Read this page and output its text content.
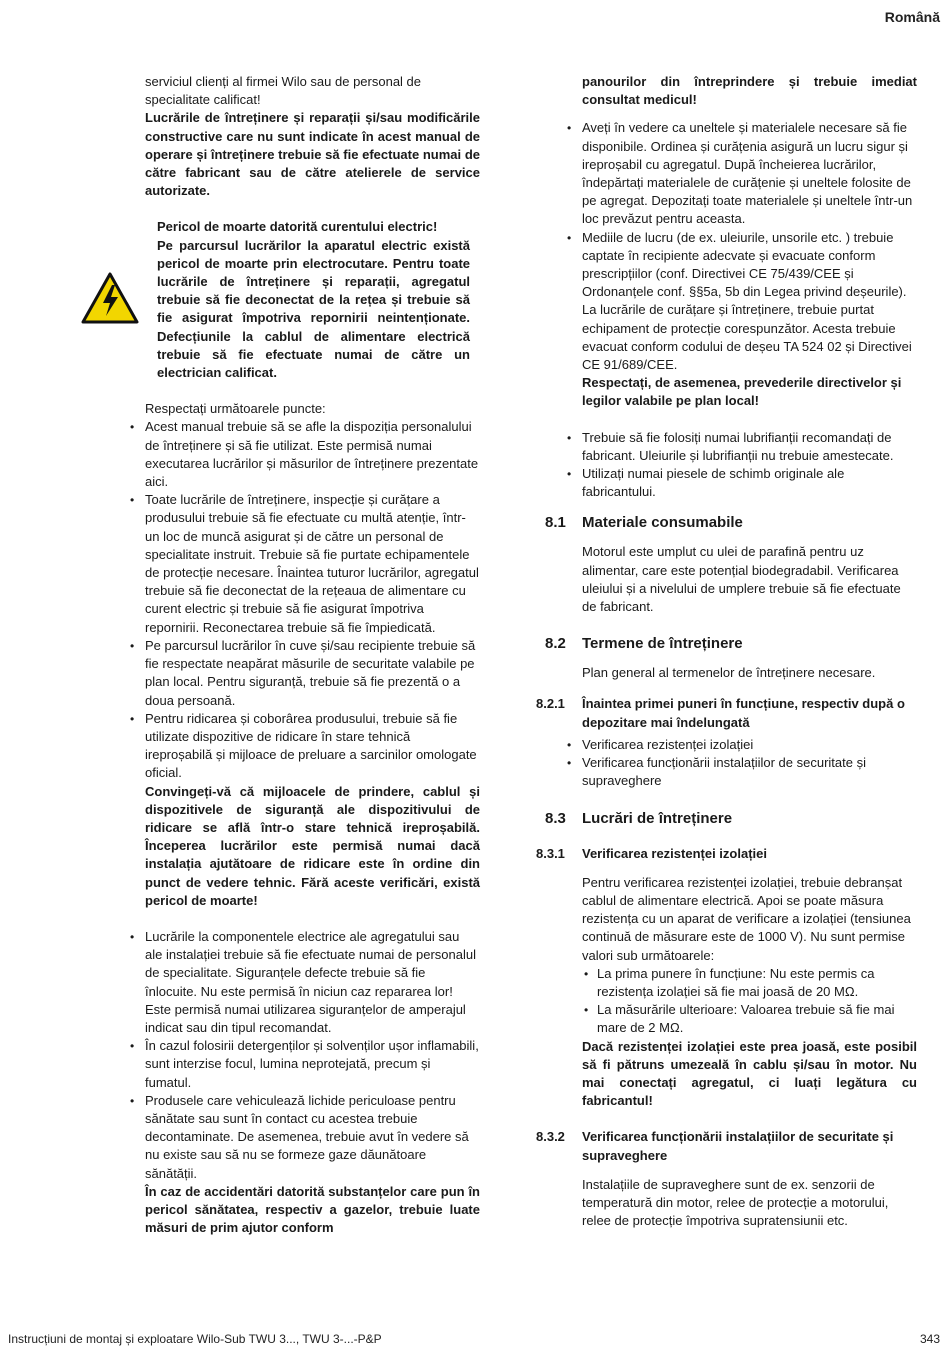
Română

serviciul clienți al firmei Wilo sau de personal de specialitate calificat!

Lucrările de întreținere și reparații și/sau modificările constructive care nu sunt indicate în acest manual de operare și întreținere trebuie să fie efectuate numai de către fabricant sau de către atelierele de service autorizate.

Pericol de moarte datorită curentului electric!

Pe parcursul lucrărilor la aparatul electric există pericol de moarte prin electrocutare. Pentru toate lucrările de întreținere și reparații, agregatul trebuie să fie deconectat de la rețea și trebuie să fie asigurat împotriva repornirii neintenționate. Defecțiunile la cablul de alimentare electrică trebuie să fie efectuate numai de către un electrician calificat.

Respectați următoarele puncte:

• Acest manual trebuie să se afle la dispoziția personalului de întreținere și să fie utilizat. Este permisă numai executarea lucrărilor și măsurilor de întreținere prezentate aici.
• Toate lucrările de întreținere, inspecție și curățare a produsului trebuie să fie efectuate cu multă atenție, într-un loc de muncă asigurat și de către un personal de specialitate instruit. Trebuie să fie purtate echipamentele de protecție necesare. Înaintea tuturor lucrărilor, agregatul trebuie să fie deconectat de la rețeaua de alimentare cu curent electric și trebuie să fie asigurat împotriva repornirii. Reconectarea trebuie să fie împiedicată.
• Pe parcursul lucrărilor în cuve și/sau recipiente trebuie să fie respectate neapărat măsurile de securitate valabile pe plan local. Pentru siguranță, trebuie să fie prezentă o a doua persoană.

• Pentru ridicarea și coborârea produsului, trebuie să fie utilizate dispozitive de ridicare în stare tehnică ireproșabilă și mijloace de preluare a sarcinilor omologate oficial.

Convingeți-vă că mijloacele de prindere, cablul și dispozitivele de siguranță ale dispozitivului de ridicare se află într-o stare tehnică ireproșabilă. Începerea lucrărilor este permisă numai dacă instalația ajutătoare de ridicare este în ordine din punct de vedere tehnic. Fără aceste verificări, există pericol de moarte!

• Lucrările la componentele electrice ale agregatului sau ale instalației trebuie să fie efectuate numai de personalul de specialitate. Siguranțele defecte trebuie să fie înlocuite. Nu este permisă în niciun caz repararea lor! Este permisă numai utilizarea siguranțelor de amperajul indicat sau din tipul recomandat.
• În cazul folosirii detergenților și solvenților ușor inflamabili, sunt interzise focul, lumina neprotejată, precum și fumatul.

• Produsele care vehiculează lichide periculoase pentru sănătate sau sunt în contact cu acestea trebuie decontaminate. De asemenea, trebuie avut în vedere să nu existe sau să nu se formeze gaze dăunătoare sănătății.

În caz de accidentări datorită substanțelor care pun în pericol sănătatea, respectiv a gazelor, trebuie luate măsuri de prim ajutor conform

panourilor din întreprindere și trebuie imediat consultat medicul!

• Aveți în vedere ca uneltele și materialele necesare să fie disponibile. Ordinea și curățenia asigură un lucru sigur și ireproșabil cu agregatul. După încheierea lucrărilor, îndepărtați materialele de curățenie și uneltele folosite de pe agregat. Depozitați toate materialele și uneltele într-un loc prevăzut pentru aceasta.

• Mediile de lucru (de ex. uleiurile, unsorile etc. ) trebuie captate în recipiente adecvate și evacuate conform prescripțiilor (conf. Directivei CE 75/439/CEE și Ordonanțele conf. §§5a, 5b din Legea privind deșeurile). La lucrările de curățare și întreținere, trebuie purtat echipament de protecție corespunzător. Acesta trebuie evacuat conform codului de deșeu TA 524 02 și Directivei CE 91/689/CEE.

Respectați, de asemenea, prevederile directivelor și legilor valabile pe plan local!

• Trebuie să fie folosiți numai lubrifianții recomandați de fabricant. Uleiurile și lubrifianții nu trebuie amestecate.
• Utilizați numai piesele de schimb originale ale fabricantului.
8.1 Materiale consumabile

Motorul este umplut cu ulei de parafină pentru uz alimentar, care este potențial biodegradabil. Verificarea uleiului și a nivelului de umplere trebuie să fie efectuate de fabricant.

8.2 Termene de întreținere

Plan general al termenelor de întreținere necesare.

8.2.1 Înaintea primei puneri în funcțiune, respectiv după o depozitare mai îndelungată
• Verificarea rezistenței izolației
• Verificarea funcționării instalațiilor de securitate și supraveghere
8.3 Lucrări de întreținere
8.3.1 Verificarea rezistenței izolației

Pentru verificarea rezistenței izolației, trebuie debranșat cablul de alimentare electrică. Apoi se poate măsura rezistența cu un aparat de verificare a izolației (tensiunea continuă de măsurare este de 1000 V). Nu sunt permise valori sub următoarele:

• La prima punere în funcțiune: Nu este permis ca rezistența izolației să fie mai joasă de 20 MΩ.
• La măsurările ulterioare: Valoarea trebuie să fie mai mare de 2 MΩ.

Dacă rezistenței izolației este prea joasă, este posibil să fi pătruns umezeală în cablu și/sau în motor. Nu mai conectați agregatul, ci luați legătura cu fabricantul!

8.3.2 Verificarea funcționării instalațiilor de securitate și supraveghere

Instalațiile de supraveghere sunt de ex. senzorii de temperatură din motor, relee de protecție a motorului, relee de protecție împotriva supratensiunii etc.

Instrucțiuni de montaj și exploatare Wilo-Sub TWU 3..., TWU 3-...-P&P	343
